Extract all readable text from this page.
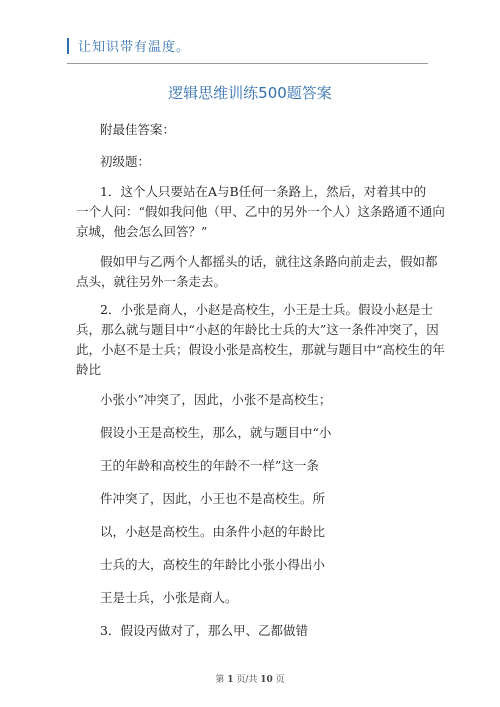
让知识带有温度。
逻辑思维训练500题答案
附最佳答案：
初级题：
1．这个人只要站在A与B任何一条路上，然后，对着其中的
一个人问：“假如我问他（甲、乙中的另外一个人）这条路通不通向
京城，他会怎么回答？”
假如甲与乙两个人都摇头的话，就往这条路向前走去，假如都
点头，就往另外一条走去。
2．小张是商人，小赵是高校生，小王是士兵。假设小赵是士
兵，那么就与题目中“小赵的年龄比士兵的大”这一条件冲突了，因
此，小赵不是士兵；假设小张是高校生，那就与题目中“高校生的年
龄比
小张小”冲突了，因此，小张不是高校生；
假设小王是高校生，那么，就与题目中“小
王的年龄和高校生的年龄不一样”这一条
件冲突了，因此，小王也不是高校生。所
以，小赵是高校生。由条件小赵的年龄比
士兵的大，高校生的年龄比小张小得出小
王是士兵，小张是商人。
3．假设丙做对了，那么甲、乙都做错
第 1 页/共 10 页
